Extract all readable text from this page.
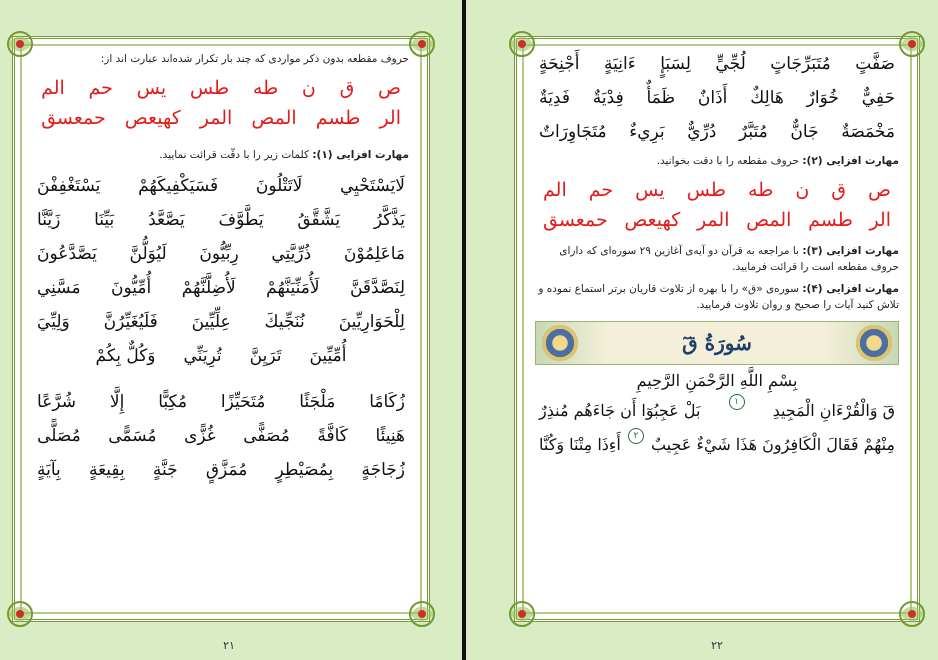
حروف مقطعه بدون ذکر مواردی که چند بار تکرار شده‌اند عبارت اند از:

ص
ق
ن
طه
طس
یس
حم
الم
الر
طسم
المص
المر
کهیعص
حمعسق

مهارت افزایی (۱): کلمات زیر را با دقّت قرائت نمایید.

لَايَسْتَحْيِي
لَاتَتْلُونَ
فَسَيَكْفِيكَهُمْ
يَسْتَغْفِفْنَ
يَذَّكَّرُ
يَشَّقَّقُ
يَطَّوَّفَ
يَصَّعَّدُ
بَيِّنَا
زَيَّنَّا
مَاعَلِمُوْنَ
ذُرِّيَّتِي
رِبِّيُّونَ
لَيُوَلُّنَّ
يَصَّدَّعُونَ
لِنَصَّدَّقَنَّ
لَأُمَنِّيَنَّهُمْ
لَأُضِلَّنَّهُمْ
أُمِّيُّونَ
مَسَّنِي
لِلْحَوَارِيِّينَ
نُنَجِّيكَ
عِلِّيِّينَ
فَلَيُغَيِّرُنَّ
وَلِيِّيَ
أُمِّيِّينَ
تَرَيِنَّ
تُرِيَنِّي
وَكُلٌّ بِكُمْ
زُكَامًا
مَلْجَئًا
مُتَحَيِّزًا
مُكِبًّا
إِلَّا
شُرَّعًا
هَنِيئًا
كَافَّةً
مُصَفًّى
غُزًّى
مُسَمًّى
مُصَلًّى
زُجَاجَةٍ
بِمُصَيْطِرٍ
مُمَزَّقٍ
جَنَّةٍ
بِقِيعَةٍ
بِآيَةٍ
۲۱
صَفَّتٍ
مُتَبَرِّجَاتٍ
لُجِّيٍّ
لِسَبَإٍ
ءَانِيَةٍ
أَجْنِحَةٍ
حَفِيٌّ
خُوَارٌ
هَالِكٌ
أَذَانٌ
ظَمَأٌ
فِدْيَةٌ
فَدِيَةٌ
مَخْمَصَةٌ
جَانٌّ
مُتَبَّرٌ
دُرِّيٌّ
بَرِيءٌ
مُتَجَاوِرَاتٌ

مهارت افزایی (۲): حروف مقطعه را با دقت بخوانید.

ص
ق
ن
طه
طس
یس
حم
الم
الر
طسم
المص
المر
کهیعص
حمعسق

مهارت افزایی (۳): با مراجعه به قرآن دو آیه‌ی آغازین ۲۹ سوره‌ای که دارای حروف مقطعه است را قرائت فرمایید.

مهارت افزایی (۴): سوره‌ی «ق» را با بهره از تلاوت قاریان برتر استماع نموده و تلاش کنید آیات را صحیح و روان تلاوت فرمایید.

سُورَةُ قٓ
بِسْمِ اللَّهِ الرَّحْمَنِ الرَّحِيمِ
قٓ وَالْقُرْءَانِ الْمَجِيدِ
۱
بَلْ عَجِبُوٓا أَن جَاءَهُم مُنذِرٌ
مِنْهُمْ فَقَالَ الْكَافِرُونَ هَذَا شَيْءٌ عَجِيبٌ
۲
أَءِذَا مِتْنَا وَكُنَّا
۲۲
